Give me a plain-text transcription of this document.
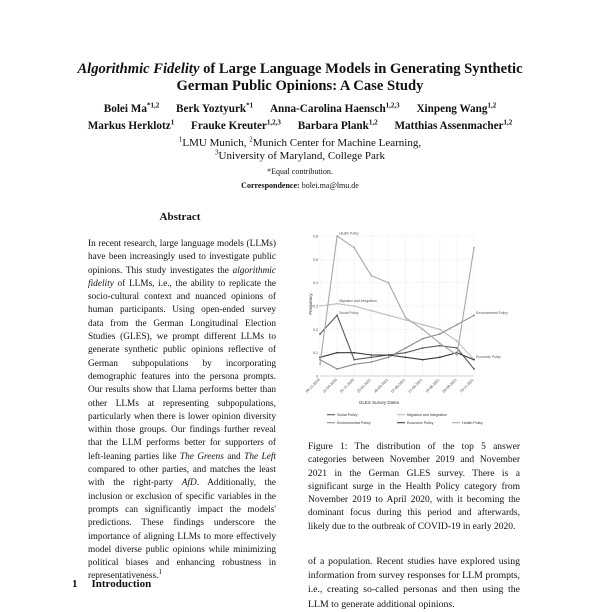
Algorithmic Fidelity of Large Language Models in Generating Synthetic
German Public Opinions: A Case Study
Bolei Ma$^{*1,2}$ Berk Yoztyurk$^{*1}$ Anna-Carolina Haensch$^{1,2,3}$ Xinpeng Wang$^{1,2}$
Markus Herklotz$^1$ Frauke Kreuter$^{1,2,3}$ Barbara Plank$^{1,2}$ Matthias Assenmacher$^{1,2}$
$^1$LMU Munich, $^2$Munich Center for Machine Learning,
$^3$University of Maryland, College Park
*Equal contribution.
Correspondence: bolei.ma@lmu.de
Abstract
In recent research, large language models (LLMs) have been increasingly used to investigate public opinions. This study investigates the algorithmic fidelity of LLMs, i.e., the ability to replicate the socio-cultural context and nuanced opinions of human participants. Using open-ended survey data from the German Longitudinal Election Studies (GLES), we prompt different LLMs to generate synthetic public opinions reflective of German subpopulations by incorporating demographic features into the persona prompts. Our results show that Llama performs better than other LLMs at representing subpopulations, particularly when there is lower opinion diversity within those groups. Our findings further reveal that the LLM performs better for supporters of left-leaning parties like The Greens and The Left compared to other parties, and matches the least with the right-party AfD. Additionally, the inclusion or exclusion of specific variables in the prompts can significantly impact the models' predictions. These findings underscore the importance of aligning LLMs to more effectively model diverse public opinions while minimizing political biases and enhancing robustness in representativeness.$^1$
1 Introduction
Health Policy
Social Policy
Migration and Integration
Environmental Policy
Economic Policy
0
0.1
0.2
0.3
0.4
0.5
0.6
05-11-2019 21-04-2020 01-11-2020 25-02-2021 30-03-2021 07-05-2021 21-06-2021 10-08-2021 28-09-2021 15-11-2021
GLES Survey Dates
Frequency
Social Policy	Migration and Integration
Environmental Policy	Economic Policy	Health Policy
Figure 1: The distribution of the top 5 answer categories between November 2019 and November 2021 in the German GLES survey. There is a significant surge in the Health Policy category from November 2019 to April 2020, with it becoming the dominant focus during this period and afterwards, likely due to the outbreak of COVID-19 in early 2020.
of a population. Recent studies have explored using information from survey responses for LLM prompts, i.e., creating so-called personas and then using the LLM to generate additional opinions.
